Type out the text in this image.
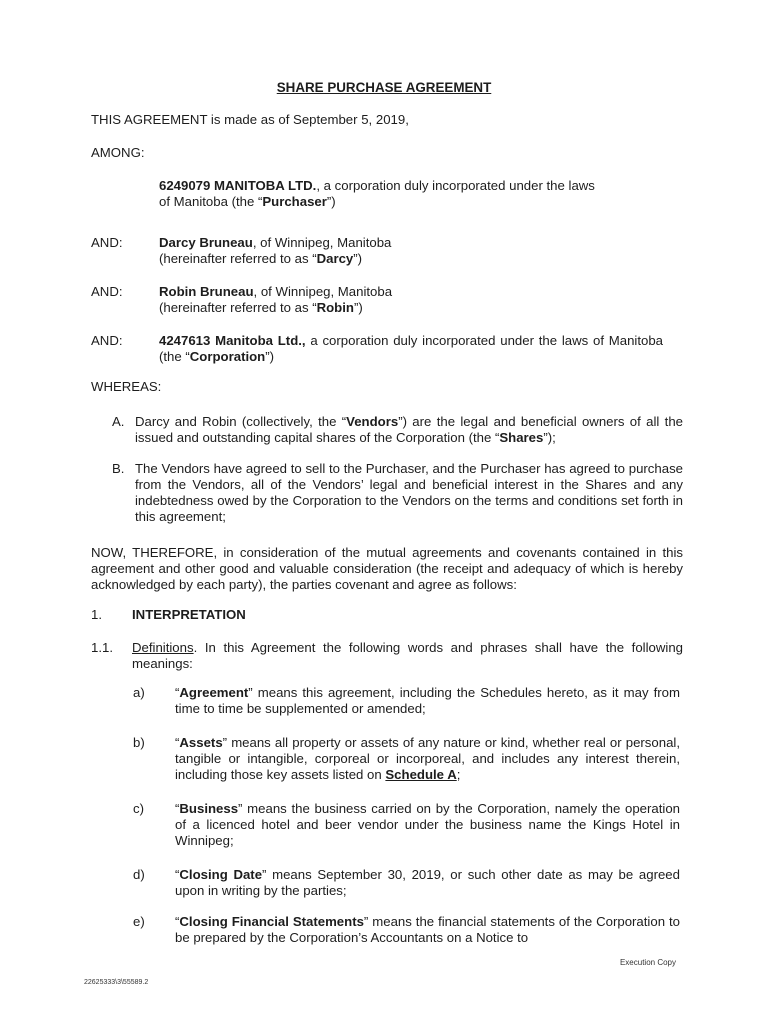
SHARE PURCHASE AGREEMENT

THIS AGREEMENT is made as of September 5, 2019,

AMONG:

6249079 MANITOBA LTD., a corporation duly incorporated under the laws of Manitoba (the “Purchaser”)

AND:	Darcy Bruneau, of Winnipeg, Manitoba (hereinafter referred to as “Darcy”)

AND:	Robin Bruneau, of Winnipeg, Manitoba (hereinafter referred to as “Robin”)

AND:	4247613 Manitoba Ltd., a corporation duly incorporated under the laws of Manitoba (the “Corporation”)

WHEREAS:

A. Darcy and Robin (collectively, the “Vendors”) are the legal and beneficial owners of all the issued and outstanding capital shares of the Corporation (the “Shares”);

B. The Vendors have agreed to sell to the Purchaser, and the Purchaser has agreed to purchase from the Vendors, all of the Vendors’ legal and beneficial interest in the Shares and any indebtedness owed by the Corporation to the Vendors on the terms and conditions set forth in this agreement;

NOW, THEREFORE, in consideration of the mutual agreements and covenants contained in this agreement and other good and valuable consideration (the receipt and adequacy of which is hereby acknowledged by each party), the parties covenant and agree as follows:

1. INTERPRETATION

1.1. Definitions. In this Agreement the following words and phrases shall have the following meanings:

a) “Agreement” means this agreement, including the Schedules hereto, as it may from time to time be supplemented or amended;

b) “Assets” means all property or assets of any nature or kind, whether real or personal, tangible or intangible, corporeal or incorporeal, and includes any interest therein, including those key assets listed on Schedule A;

c) “Business” means the business carried on by the Corporation, namely the operation of a licenced hotel and beer vendor under the business name the Kings Hotel in Winnipeg;

d) “Closing Date” means September 30, 2019, or such other date as may be agreed upon in writing by the parties;

e) “Closing Financial Statements” means the financial statements of the Corporation to be prepared by the Corporation’s Accountants on a Notice to

Execution Copy

22625333\3\55589.2
